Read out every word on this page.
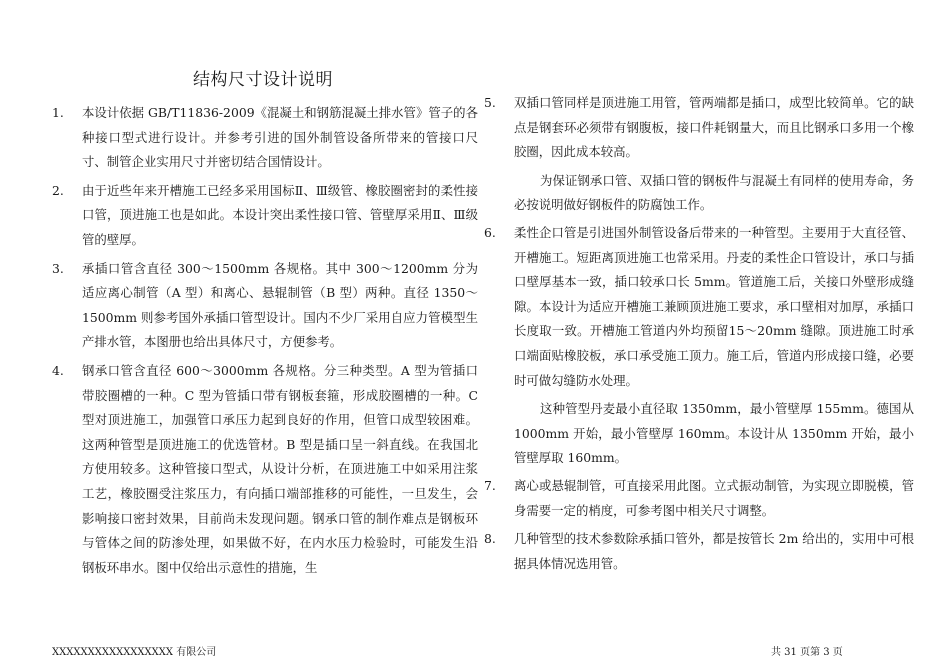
结构尺寸设计说明
1. 本设计依据 GB/T11836-2009《混凝土和钢筋混凝土排水管》管子的各种接口型式进行设计。并参考引进的国外制管设备所带来的管接口尺寸、制管企业实用尺寸并密切结合国情设计。
2. 由于近些年来开槽施工已经多采用国标Ⅱ、Ⅲ级管、橡胶圈密封的柔性接口管，顶进施工也是如此。本设计突出柔性接口管、管壁厚采用Ⅱ、Ⅲ级管的壁厚。
3. 承插口管含直径 300～1500mm 各规格。其中 300～1200mm 分为适应离心制管（A 型）和离心、悬辊制管（B 型）两种。直径 1350～1500mm 则参考国外承插口管型设计。国内不少厂采用自应力管模型生产排水管，本图册也给出具体尺寸，方便参考。
4. 钢承口管含直径 600～3000mm 各规格。分三种类型。A 型为管插口带胶圈槽的一种。C 型为管插口带有钢板套箍，形成胶圈槽的一种。C 型对顶进施工，加强管口承压力起到良好的作用，但管口成型较困难。这两种管型是顶进施工的优选管材。B 型是插口呈一斜直线。在我国北方使用较多。这种管接口型式，从设计分析，在顶进施工中如采用注浆工艺，橡胶圈受注浆压力，有向插口端部推移的可能性，一旦发生，会影响接口密封效果，目前尚未发现问题。钢承口管的制作难点是钢板环与管体之间的防渗处理，如果做不好，在内水压力检验时，可能发生沿钢板环串水。图中仅给出示意性的措施，生
5. 双插口管同样是顶进施工用管，管两端都是插口，成型比较简单。它的缺点是钢套环必须带有钢腹板，接口件耗钢量大，而且比钢承口多用一个橡胶圈，因此成本较高。
为保证钢承口管、双插口管的钢板件与混凝土有同样的使用寿命，务必按说明做好钢板件的防腐蚀工作。
6. 柔性企口管是引进国外制管设备后带来的一种管型。主要用于大直径管、开槽施工。短距离顶进施工也常采用。丹麦的柔性企口管设计，承口与插口壁厚基本一致，插口较承口长 5mm。管道施工后，关接口外壁形成缝隙。本设计为适应开槽施工兼顾顶进施工要求，承口壁相对加厚，承插口长度取一致。开槽施工管道内外均预留15～20mm 缝隙。顶进施工时承口端面贴橡胶板，承口承受施工顶力。施工后，管道内形成接口缝，必要时可做勾缝防水处理。
这种管型丹麦最小直径取 1350mm，最小管壁厚 155mm。德国从1000mm 开始，最小管壁厚 160mm。本设计从 1350mm 开始，最小管壁厚取 160mm。
7. 离心或悬辊制管，可直接采用此图。立式振动制管，为实现立即脱模，管身需要一定的梢度，可参考图中相关尺寸调整。
8. 几种管型的技术参数除承插口管外，都是按管长 2m 给出的，实用中可根据具体情况选用管。
XXXXXXXXXXXXXXXXX 有限公司	共 31 页第 3 页
